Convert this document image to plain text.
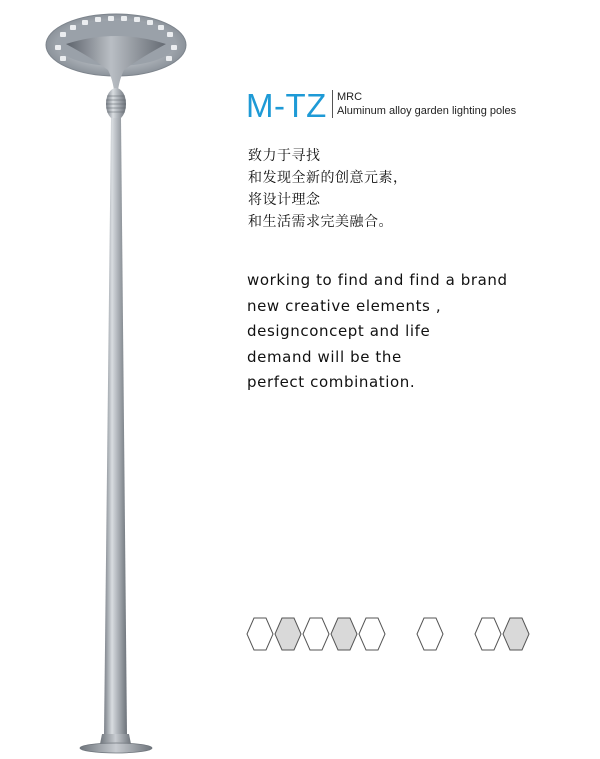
M-TZ MRC
Aluminum alloy garden lighting poles
致力于寻找
和发现全新的创意元素，
将设计理念
和生活需求完美融合。
working to find and find a brand
new creative elements ,
designconcept and life
demand will be the
perfect combination.
